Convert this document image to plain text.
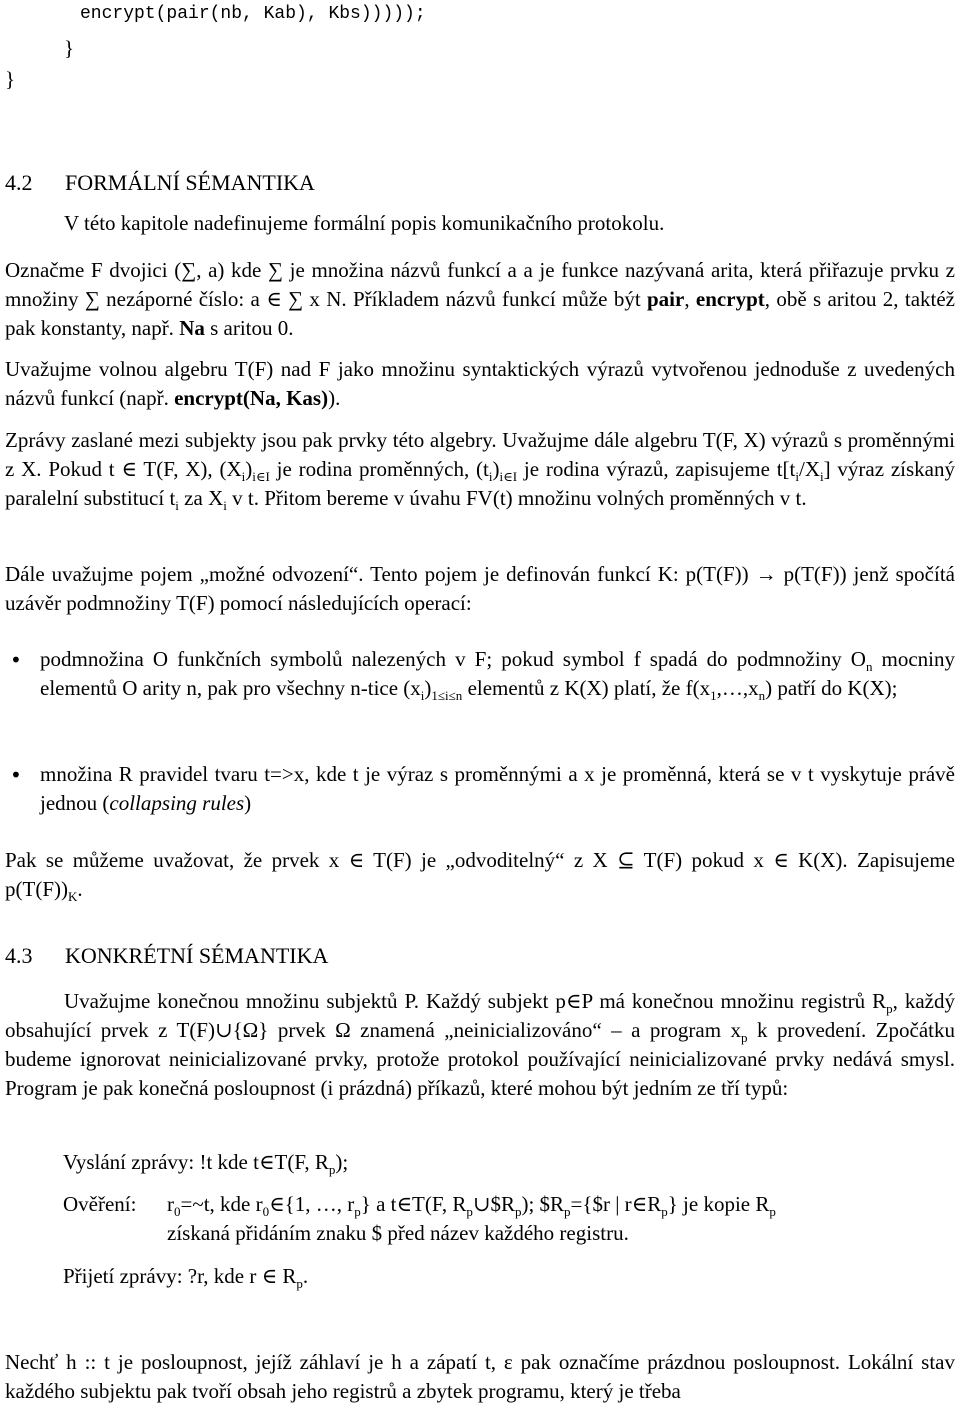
encrypt(pair(nb, Kab), Kbs)))));
}
}
4.2 FORMÁLNÍ SÉMANTIKA
V této kapitole nadefinujeme formální popis komunikačního protokolu.
Označme F dvojici (∑, a) kde ∑ je množina názvů funkcí a a je funkce nazývaná arita, která přiřazuje prvku z množiny ∑ nezáporné číslo: a ∈ ∑ x N. Příkladem názvů funkcí může být pair, encrypt, obě s aritou 2, taktéž pak konstanty, např. Na s aritou 0.
Uvažujme volnou algebru T(F) nad F jako množinu syntaktických výrazů vytvořenou jednoduše z uvedených názvů funkcí (např. encrypt(Na, Kas)).
Zprávy zaslané mezi subjekty jsou pak prvky této algebry. Uvažujme dále algebru T(F, X) výrazů s proměnnými z X. Pokud t ∈ T(F, X), $(X_i)_{i\in I}$ je rodina proměnných, $(t_i)_{i\in I}$ je rodina výrazů, zapisujeme $t[t_i/X_i]$ výraz získaný paralelní substitucí $t_i$ za $X_i$ v t. Přitom bereme v úvahu FV(t) množinu volných proměnných v t.
Dále uvažujme pojem „možné odvození“. Tento pojem je definován funkcí K: p(T(F)) → p(T(F)) jenž spočítá uzávěr podmnožiny T(F) pomocí následujících operací:
• podmnožina O funkčních symbolů nalezených v F; pokud symbol f spadá do podmnožiny $O_n$ mocniny elementů O arity n, pak pro všechny n-tice $(x_i)_{1\le i\le n}$ elementů z K(X) platí, že $f(x_1,\dots,x_n)$ patří do K(X);
• množina R pravidel tvaru t=>x, kde t je výraz s proměnnými a x je proměnná, která se v t vyskytuje právě jednou (collapsing rules)
Pak se můžeme uvažovat, že prvek x ∈ T(F) je „odvoditelný“ z X ⊆ T(F) pokud x ∈ K(X). Zapisujeme $p(T(F))_K$.
4.3 KONKRÉTNÍ SÉMANTIKA
Uvažujme konečnou množinu subjektů P. Každý subjekt p∈P má konečnou množinu registrů $R_p$, každý obsahující prvek z T(F)∪{Ω} prvek Ω znamená „neinicializováno“ – a program $x_p$ k provedení. Zpočátku budeme ignorovat neinicializované prvky, protože protokol používající neinicializované prvky nedává smysl. Program je pak konečná posloupnost (i prázdná) příkazů, které mohou být jedním ze tří typů:
Vyslání zprávy: !t kde t∈T(F, $R_p$);
Ověření:	$r_0=\sim t$, kde $r_0\in\{1$, …, $r_p$} a t∈T(F, $R_p\cup\$R_p$); $\$R_p=\{\$r$ | $r\in R_p$} je kopie $R_p$
získaná přidáním znaku $ před název každého registru.
Přijetí zprávy: ?r, kde r ∈ $R_p$.
Nechť h :: t je posloupnost, jejíž záhlaví je h a zápatí t, ε pak označíme prázdnou posloupnost. Lokální stav každého subjektu pak tvoří obsah jeho registrů a zbytek programu, který je třeba
